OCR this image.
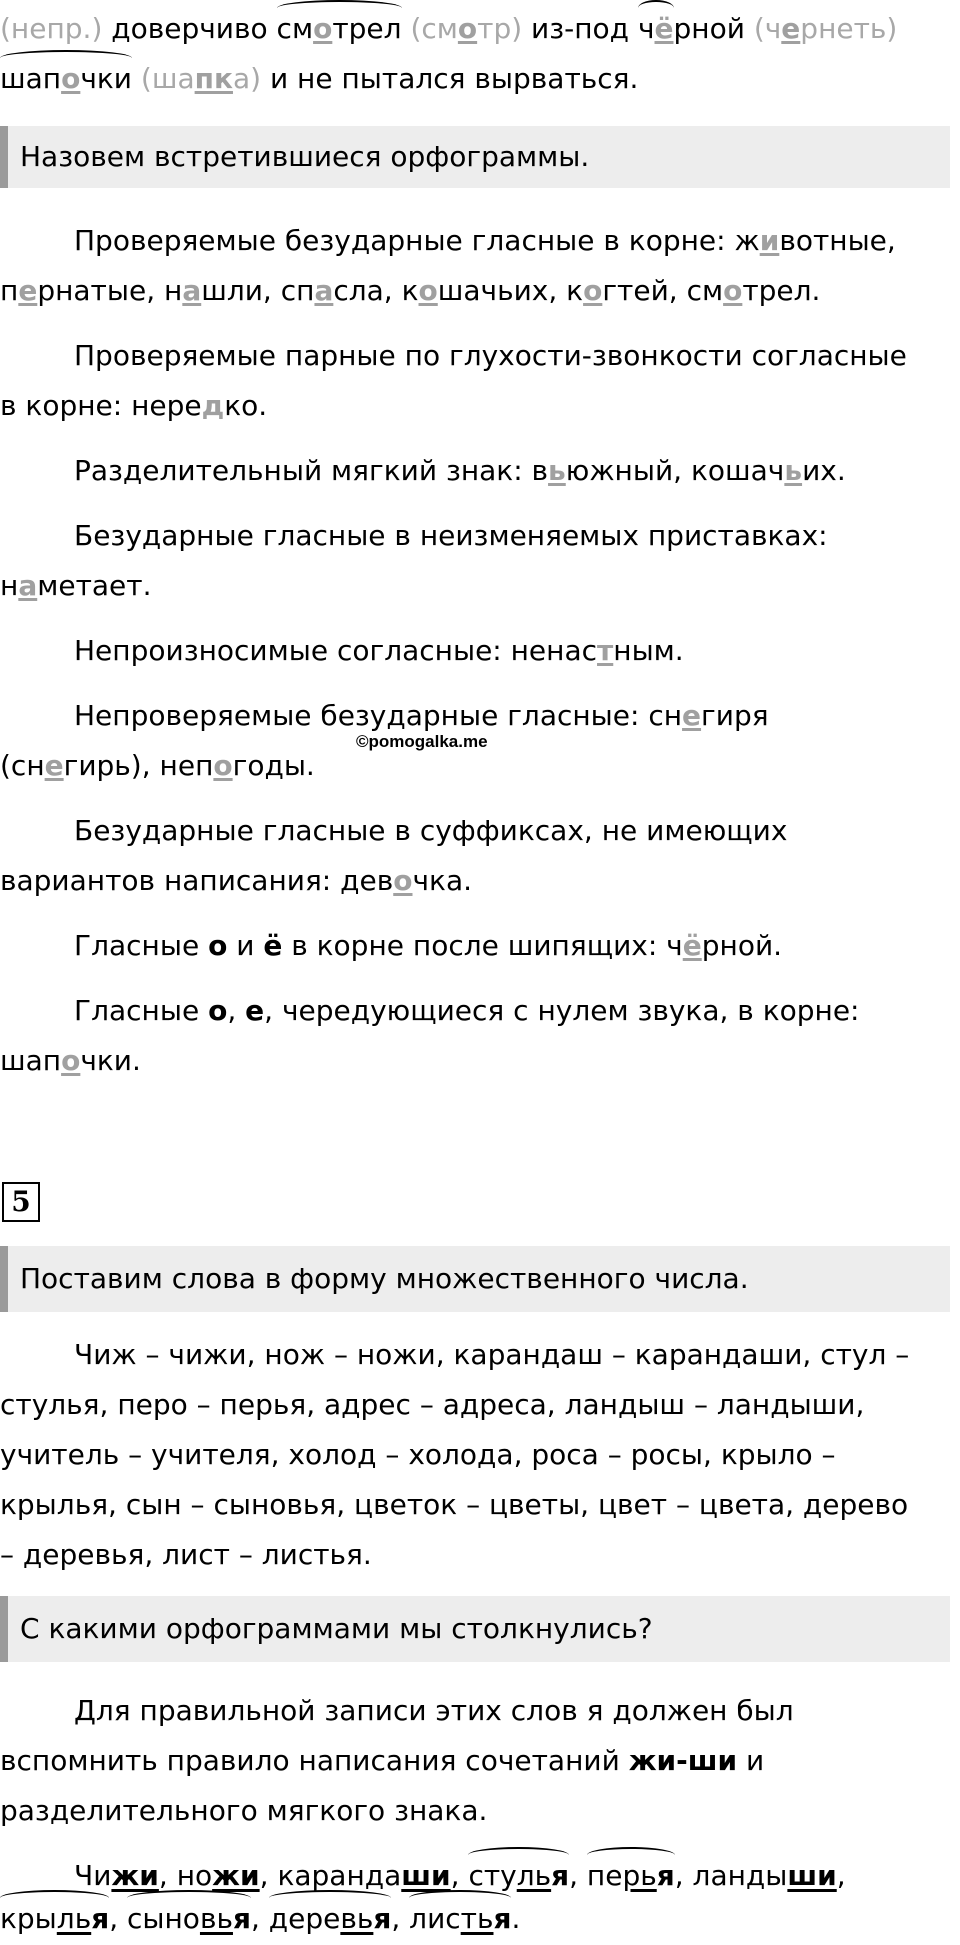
(непр.) доверчиво смотрел (смотр) из-под чёрной (чернеть)
шапочки (шапка) и не пытался вырваться.
Назовем встретившиеся орфограммы.
Проверяемые безударные гласные в корне: животные,
пернатые, нашли, спасла, кошачьих, когтей, смотрел.
Проверяемые парные по глухости-звонкости согласные
в корне: нередко.
Разделительный мягкий знак: вьюжный, кошачьих.
Безударные гласные в неизменяемых приставках:
наметает.
Непроизносимые согласные: ненастным.
Непроверяемые безударные гласные: снегиря
(снегирь), непогоды.
©pomogalka.me
Безударные гласные в суффиксах, не имеющих
вариантов написания: девочка.
Гласные о и ё в корне после шипящих: чёрной.
Гласные о, е, чередующиеся с нулем звука, в корне:
шапочки.
5
Поставим слова в форму множественного числа.
Чиж – чижи, нож – ножи, карандаш – карандаши, стул –
стулья, перо – перья, адрес – адреса, ландыш – ландыши,
учитель – учителя, холод – холода, роса – росы, крыло –
крылья, сын – сыновья, цветок – цветы, цвет – цвета, дерево
– деревья, лист – листья.
С какими орфограммами мы столкнулись?
Для правильной записи этих слов я должен был
вспомнить правило написания сочетаний жи-ши и
разделительного мягкого знака.
Чижи, ножи, карандаши, стулья, перья, ландыши,
крылья, сыновья, деревья, листья.
